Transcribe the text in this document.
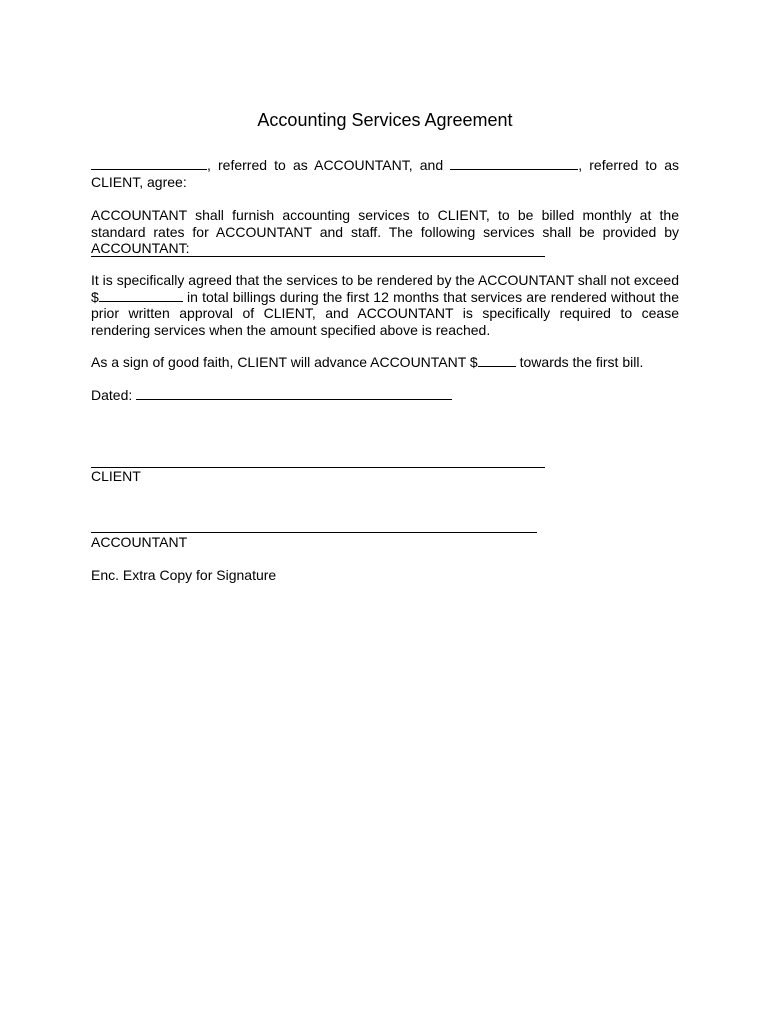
Accounting Services Agreement
, referred to as ACCOUNTANT, and	, referred to as CLIENT, agree:
ACCOUNTANT shall furnish accounting services to CLIENT, to be billed monthly at the standard rates for ACCOUNTANT and staff. The following services shall be provided by ACCOUNTANT:
It is specifically agreed that the services to be rendered by the ACCOUNTANT shall not exceed $	in total billings during the first 12 months that services are rendered without the prior written approval of CLIENT, and ACCOUNTANT is specifically required to cease rendering services when the amount specified above is reached.
As a sign of good faith, CLIENT will advance ACCOUNTANT $	towards the first bill.
Dated:
CLIENT
ACCOUNTANT
Enc. Extra Copy for Signature
